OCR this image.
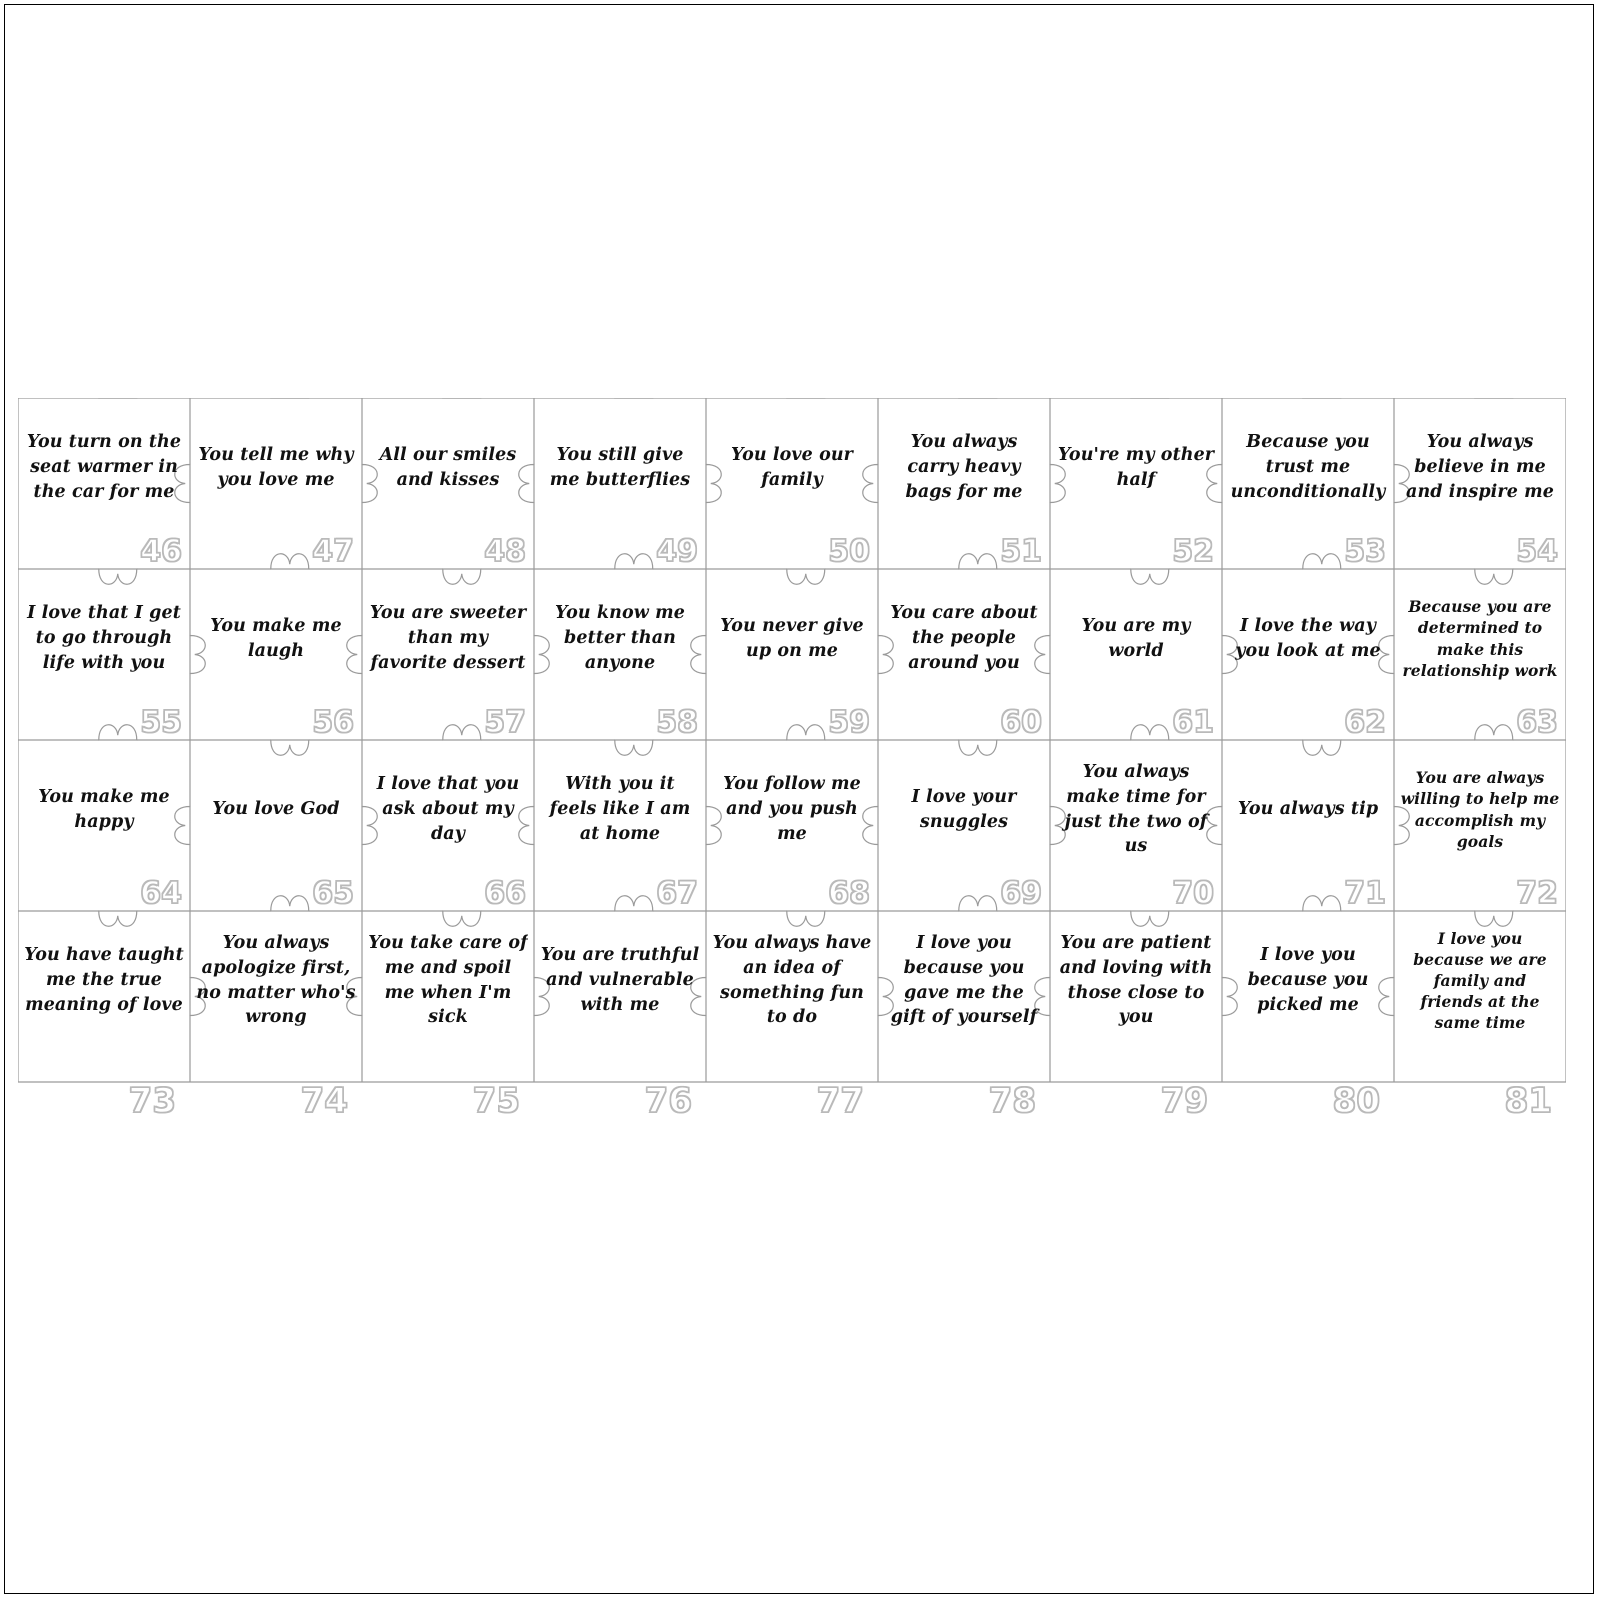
You turn on the seat warmer in the car for me
46
You tell me why you love me
47
All our smiles and kisses
48
You still give me butterflies
49
You love our family
50
You always carry heavy bags for me
51
You're my other half
52
Because you trust me unconditionally
53
You always believe in me and inspire me
54
I love that I get to go through life with you
55
You make me laugh
56
You are sweeter than my favorite dessert
57
You know me better than anyone
58
You never give up on me
59
You care about the people around you
60
You are my world
61
I love the way you look at me
62
Because you are determined to make this relationship work
63
You make me happy
64
You love God
65
I love that you ask about my day
66
With you it feels like I am at home
67
You follow me and you push me
68
I love your snuggles
69
You always make time for just the two of us
70
You always tip
71
You are always willing to help me accomplish my goals
72
You have taught me the true meaning of love
73
You always apologize first, no matter who's wrong
74
You take care of me and spoil me when I'm sick
75
You are truthful and vulnerable with me
76
You always have an idea of something fun to do
77
I love you because you gave me the gift of yourself
78
You are patient and loving with those close to you
79
I love you because you picked me
80
I love you because we are family and friends at the same time
81
